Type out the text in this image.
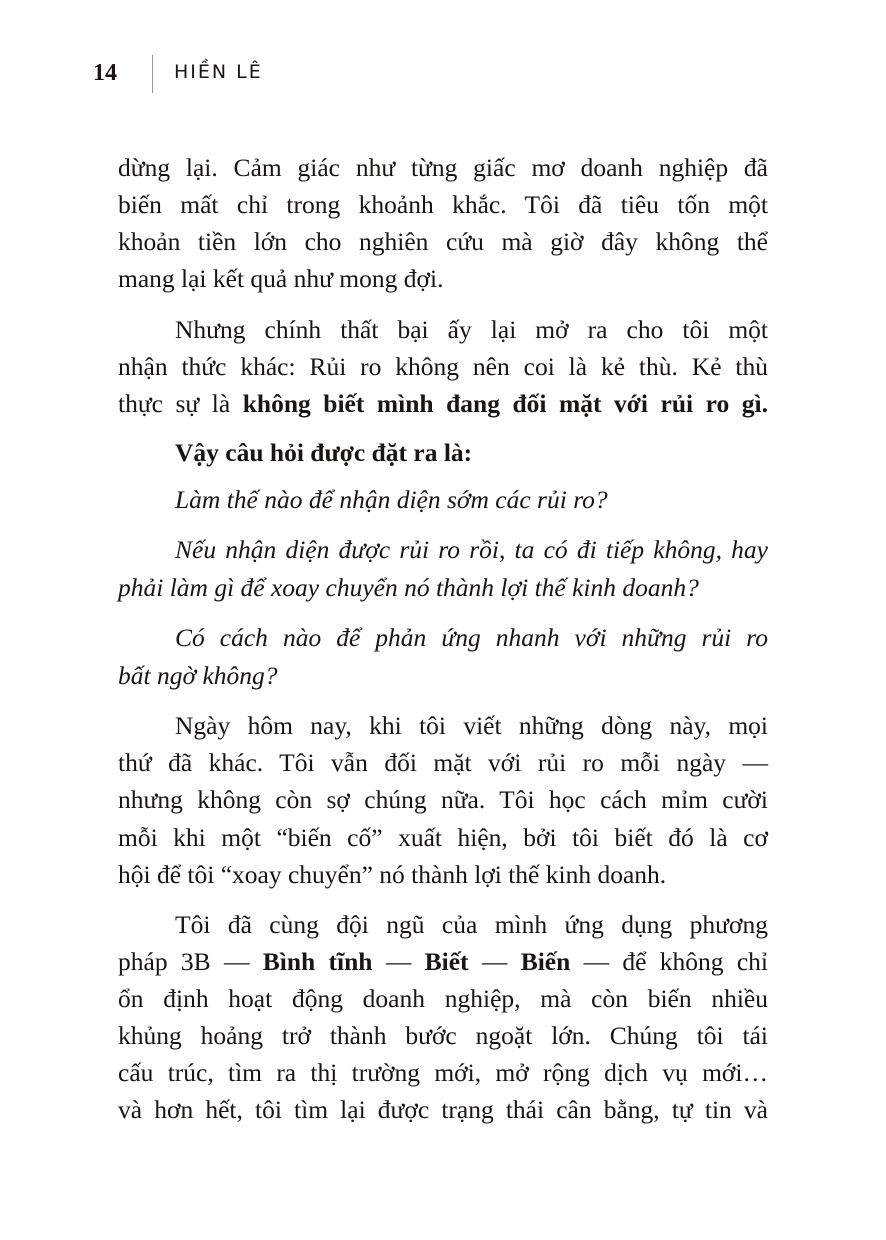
14	HIỀN LÊ
dừng lại. Cảm giác như từng giấc mơ doanh nghiệp đã
biến mất chỉ trong khoảnh khắc. Tôi đã tiêu tốn một
khoản tiền lớn cho nghiên cứu mà giờ đây không thể
mang lại kết quả như mong đợi.
Nhưng chính thất bại ấy lại mở ra cho tôi một
nhận thức khác: Rủi ro không nên coi là kẻ thù. Kẻ thù
thực sự là không biết mình đang đối mặt với rủi ro gì.
Vậy câu hỏi được đặt ra là:
Làm thế nào để nhận diện sớm các rủi ro?
Nếu nhận diện được rủi ro rồi, ta có đi tiếp không, hay
phải làm gì để xoay chuyển nó thành lợi thế kinh doanh?
Có cách nào để phản ứng nhanh với những rủi ro
bất ngờ không?
Ngày hôm nay, khi tôi viết những dòng này, mọi
thứ đã khác. Tôi vẫn đối mặt với rủi ro mỗi ngày —
nhưng không còn sợ chúng nữa. Tôi học cách mỉm cười
mỗi khi một “biến cố” xuất hiện, bởi tôi biết đó là cơ
hội để tôi “xoay chuyển” nó thành lợi thế kinh doanh.
Tôi đã cùng đội ngũ của mình ứng dụng phương
pháp 3B — Bình tĩnh — Biết — Biến — để không chỉ
ổn định hoạt động doanh nghiệp, mà còn biến nhiều
khủng hoảng trở thành bước ngoặt lớn. Chúng tôi tái
cấu trúc, tìm ra thị trường mới, mở rộng dịch vụ mới…
và hơn hết, tôi tìm lại được trạng thái cân bằng, tự tin và
